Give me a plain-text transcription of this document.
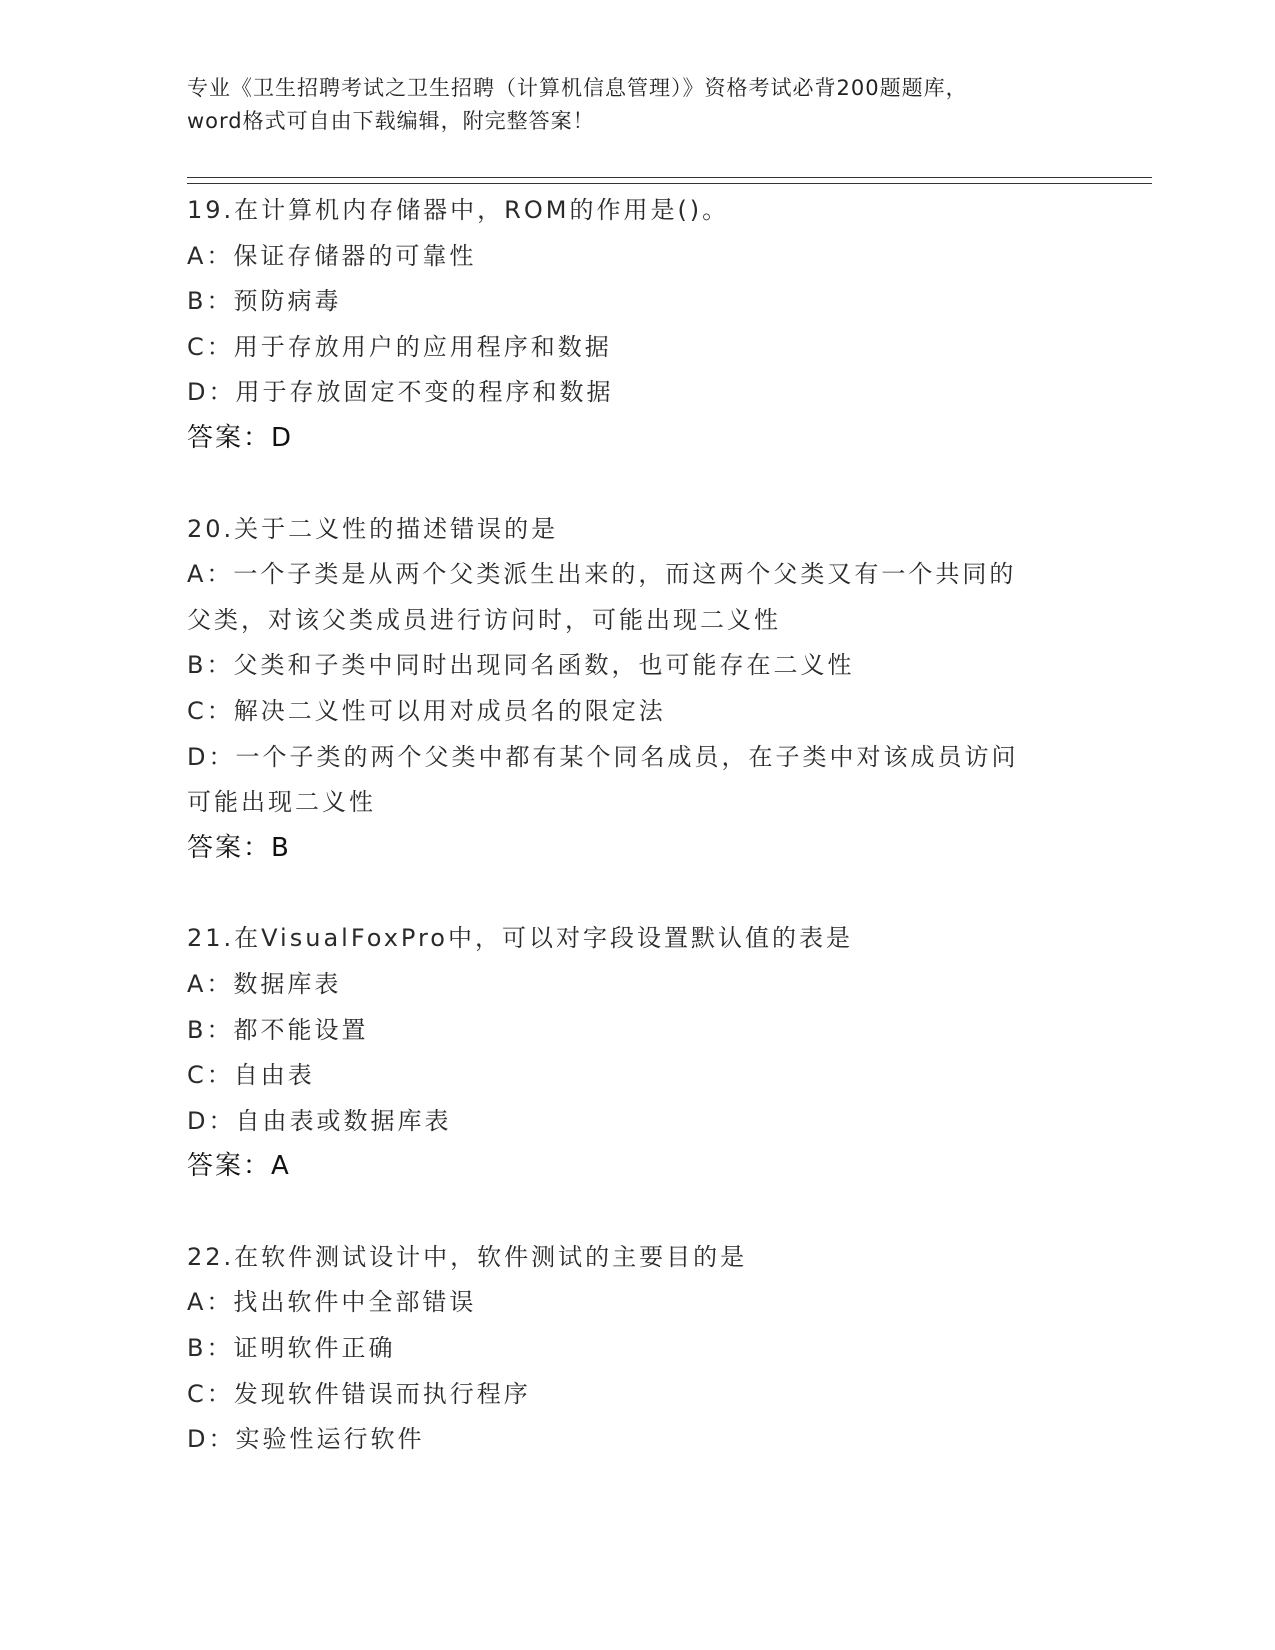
专业《卫生招聘考试之卫生招聘（计算机信息管理）》资格考试必背200题题库，
word格式可自由下载编辑，附完整答案！
19.在计算机内存储器中，ROM的作用是()。
A：保证存储器的可靠性
B：预防病毒
C：用于存放用户的应用程序和数据
D：用于存放固定不变的程序和数据
答案：D
20.关于二义性的描述错误的是
A：一个子类是从两个父类派生出来的，而这两个父类又有一个共同的
父类，对该父类成员进行访问时，可能出现二义性
B：父类和子类中同时出现同名函数，也可能存在二义性
C：解决二义性可以用对成员名的限定法
D：一个子类的两个父类中都有某个同名成员，在子类中对该成员访问
可能出现二义性
答案：B
21.在VisualFoxPro中，可以对字段设置默认值的表是
A：数据库表
B：都不能设置
C：自由表
D：自由表或数据库表
答案：A
22.在软件测试设计中，软件测试的主要目的是
A：找出软件中全部错误
B：证明软件正确
C：发现软件错误而执行程序
D：实验性运行软件
